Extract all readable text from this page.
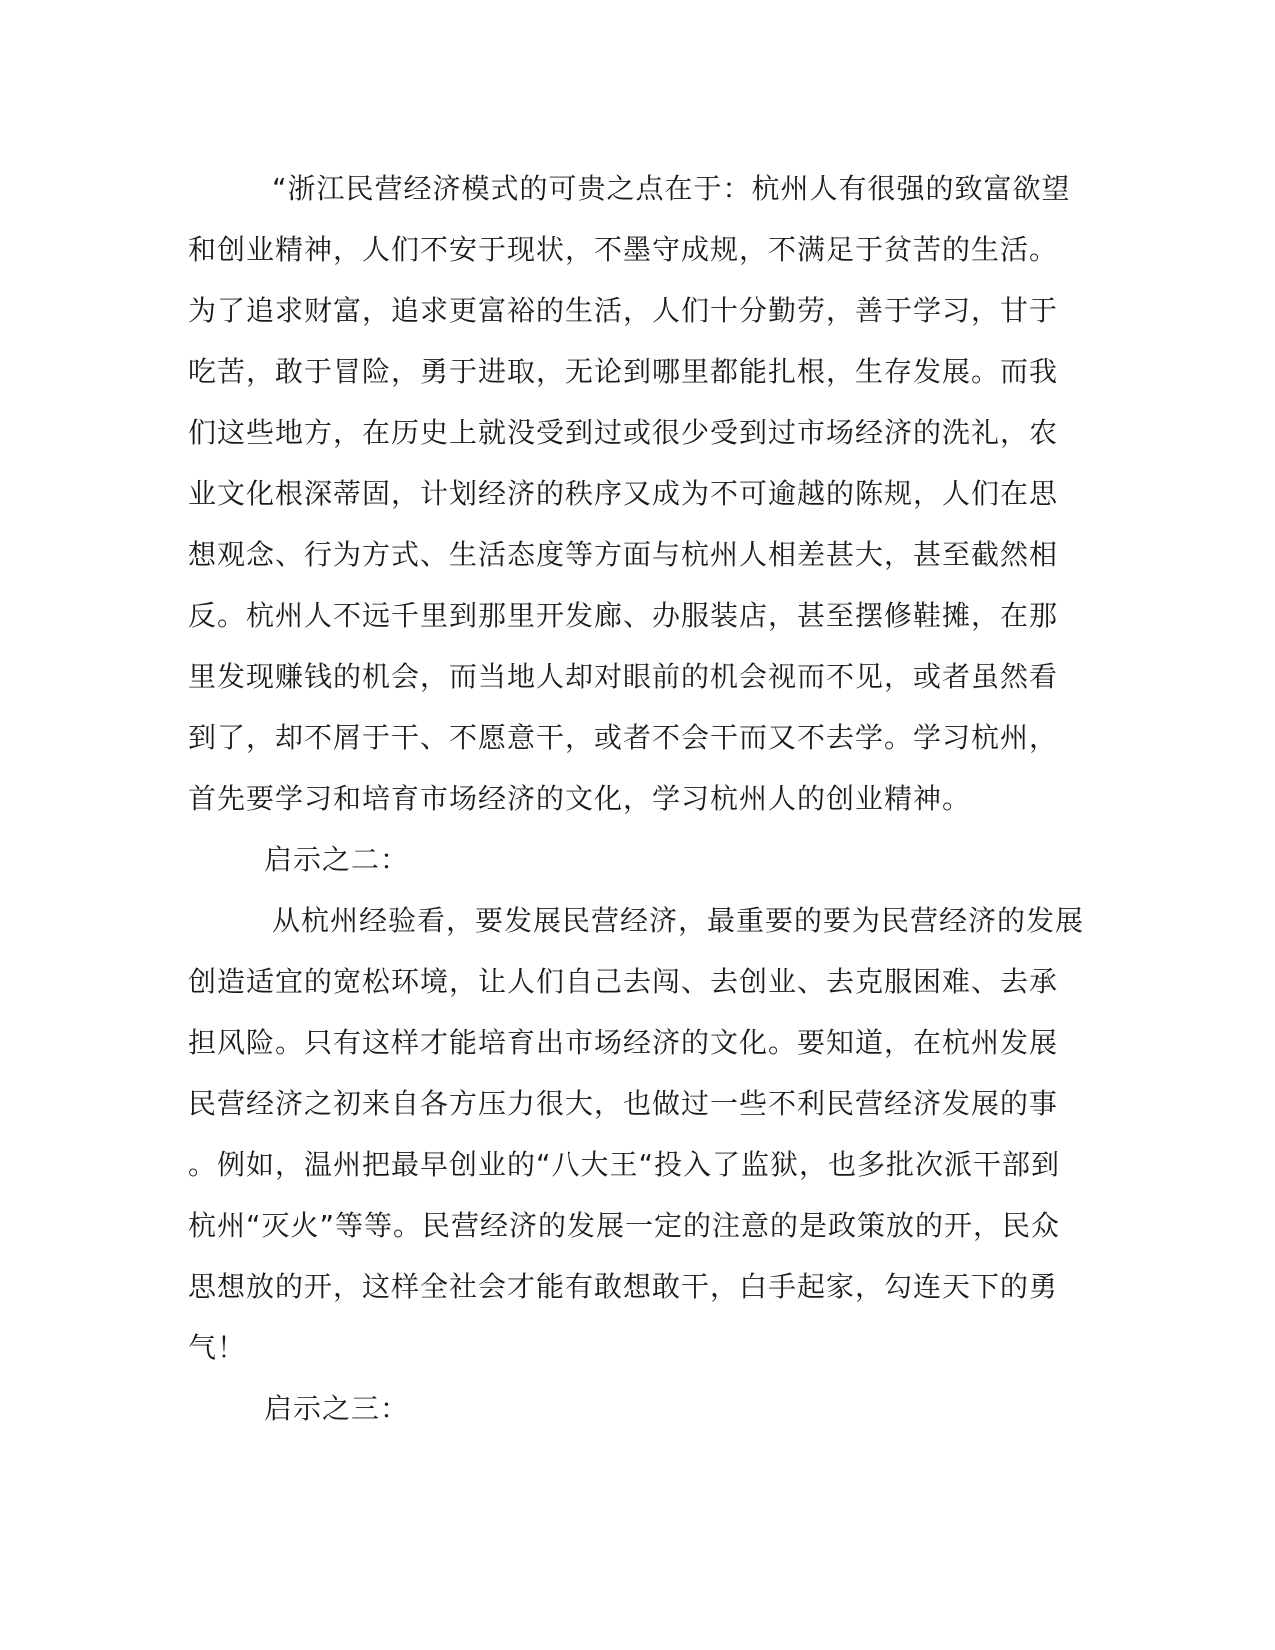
“浙江民营经济模式的可贵之点在于：杭州人有很强的致富欲望
和创业精神，人们不安于现状，不墨守成规，不满足于贫苦的生活。
为了追求财富，追求更富裕的生活，人们十分勤劳，善于学习，甘于
吃苦，敢于冒险，勇于进取，无论到哪里都能扎根，生存发展。而我
们这些地方，在历史上就没受到过或很少受到过市场经济的洗礼，农
业文化根深蒂固，计划经济的秩序又成为不可逾越的陈规，人们在思
想观念、行为方式、生活态度等方面与杭州人相差甚大，甚至截然相
反。杭州人不远千里到那里开发廊、办服装店，甚至摆修鞋摊，在那
里发现赚钱的机会，而当地人却对眼前的机会视而不见，或者虽然看
到了，却不屑于干、不愿意干，或者不会干而又不去学。学习杭州，
首先要学习和培育市场经济的文化，学习杭州人的创业精神。
启示之二：
从杭州经验看，要发展民营经济，最重要的要为民营经济的发展
创造适宜的宽松环境，让人们自己去闯、去创业、去克服困难、去承
担风险。只有这样才能培育出市场经济的文化。要知道，在杭州发展
民营经济之初来自各方压力很大，也做过一些不利民营经济发展的事
。例如，温州把最早创业的“八大王“投入了监狱，也多批次派干部到
杭州“灭火”等等。民营经济的发展一定的注意的是政策放的开，民众
思想放的开，这样全社会才能有敢想敢干，白手起家，勾连天下的勇
气！
启示之三：
